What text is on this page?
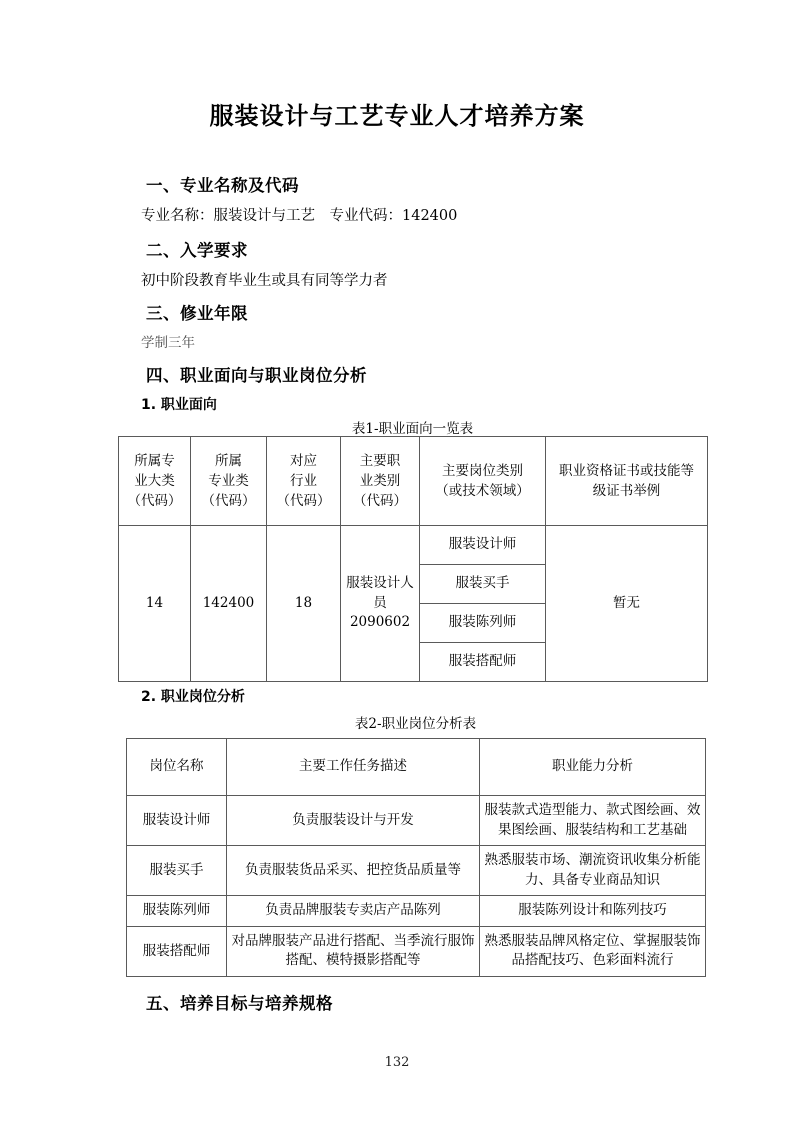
服装设计与工艺专业人才培养方案
一、专业名称及代码
专业名称：服装设计与工艺　专业代码：142400
二、入学要求
初中阶段教育毕业生或具有同等学力者
三、修业年限
学制三年
四、职业面向与职业岗位分析
1. 职业面向
表1-职业面向一览表
所属专
业大类
（代码）	所属
专业类
（代码）	对应
行业
（代码）	主要职
业类别
（代码）	主要岗位类别
（或技术领域）	职业资格证书或技能等
级证书举例
14	142400	18	服装设计人员
2090602	服装设计师	暂无
				服装买手	
				服装陈列师	
				服装搭配师	
2. 职业岗位分析
表2-职业岗位分析表
岗位名称	主要工作任务描述	职业能力分析
服装设计师	负责服装设计与开发	服装款式造型能力、款式图绘画、效果图绘画、服装结构和工艺基础
服装买手	负责服装货品采买、把控货品质量等	熟悉服装市场、潮流资讯收集分析能力、具备专业商品知识
服装陈列师	负责品牌服装专卖店产品陈列	服装陈列设计和陈列技巧
服装搭配师	对品牌服装产品进行搭配、当季流行服饰搭配、模特摄影搭配等	熟悉服装品牌风格定位、掌握服装饰品搭配技巧、色彩面料流行
五、培养目标与培养规格
132
